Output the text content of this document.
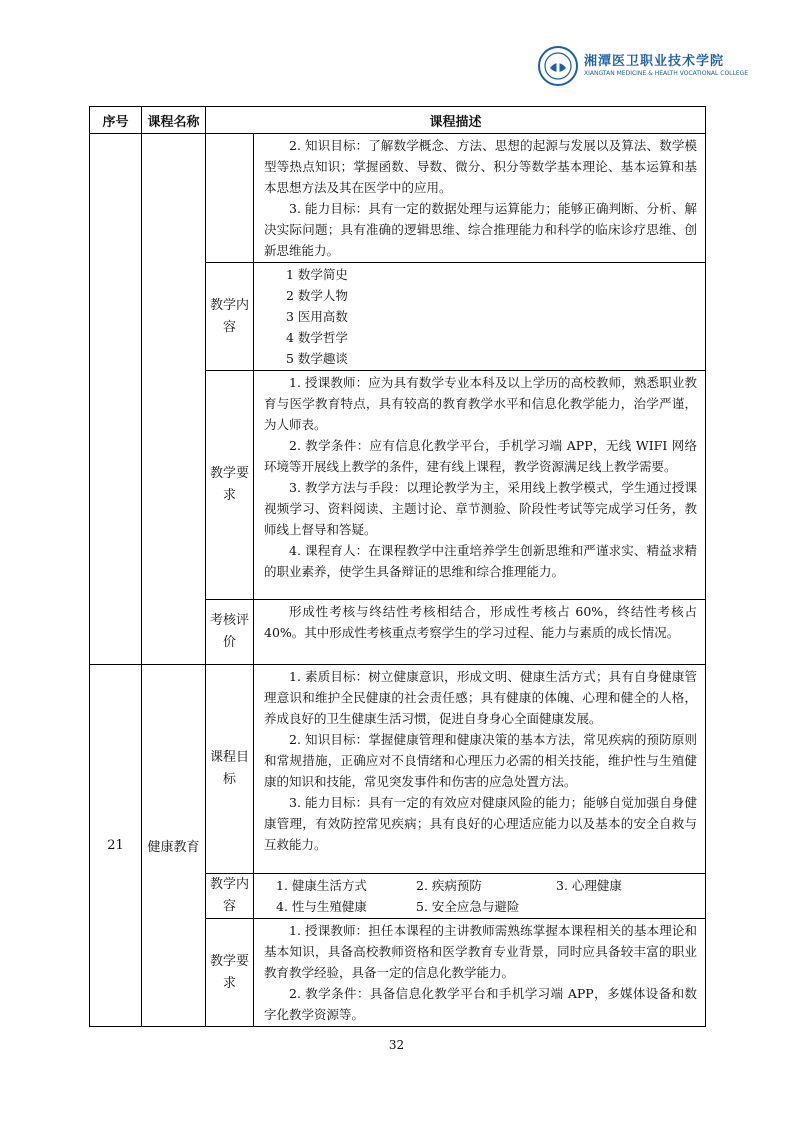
湘潭医卫职业技术学院
XIANGTAN MEDICINE & HEALTH VOCATIONAL COLLEGE
序号	课程名称	课程描述	

			2. 知识目标：了解数学概念、方法、思想的起源与发展以及算法、数学模型等热点知识；掌握函数、导数、微分、积分等数学基本理论、基本运算和基本思想方法及其在医学中的应用。

3. 能力目标：具有一定的数据处理与运算能力；能够正确判断、分析、解决实际问题；具有准确的逻辑思维、综合推理能力和科学的临床诊疗思维、创新思维能力。

		教学内容	1 数学简史

2 数学人物

3 医用高数

4 数学哲学

5 数学趣谈

		教学要求	1. 授课教师：应为具有数学专业本科及以上学历的高校教师，熟悉职业教育与医学教育特点，具有较高的教育教学水平和信息化教学能力，治学严谨，为人师表。

2. 教学条件：应有信息化教学平台，手机学习端 APP，无线 WIFI 网络环境等开展线上教学的条件，建有线上课程，教学资源满足线上教学需要。

3. 教学方法与手段：以理论教学为主，采用线上教学模式，学生通过授课视频学习、资料阅读、主题讨论、章节测验、阶段性考试等完成学习任务，教师线上督导和答疑。

4. 课程育人：在课程教学中注重培养学生创新思维和严谨求实、精益求精的职业素养，使学生具备辩证的思维和综合推理能力。

		考核评价	形成性考核与终结性考核相结合，形成性考核占 60%，终结性考核占 40%。其中形成性考核重点考察学生的学习过程、能力与素质的成长情况。

21	健康教育	课程目标	1. 素质目标：树立健康意识，形成文明、健康生活方式；具有自身健康管理意识和维护全民健康的社会责任感；具有健康的体魄、心理和健全的人格，养成良好的卫生健康生活习惯，促进自身身心全面健康发展。

2. 知识目标：掌握健康管理和健康决策的基本方法，常见疾病的预防原则和常规措施，正确应对不良情绪和心理压力必需的相关技能，维护性与生殖健康的知识和技能，常见突发事件和伤害的应急处置方法。

3. 能力目标：具有一定的有效应对健康风险的能力；能够自觉加强自身健康管理，有效防控常见疾病；具有良好的心理适应能力以及基本的安全自救与互救能力。

		教学内容	1. 健康生活方式 2. 疾病预防 3. 心理健康
4. 性与生殖健康 5. 安全应急与避险

		教学要求	1. 授课教师：担任本课程的主讲教师需熟练掌握本课程相关的基本理论和基本知识，具备高校教师资格和医学教育专业背景，同时应具备较丰富的职业教育教学经验，具备一定的信息化教学能力。

2. 教学条件：具备信息化教学平台和手机学习端 APP，多媒体设备和数字化教学资源等。

32
